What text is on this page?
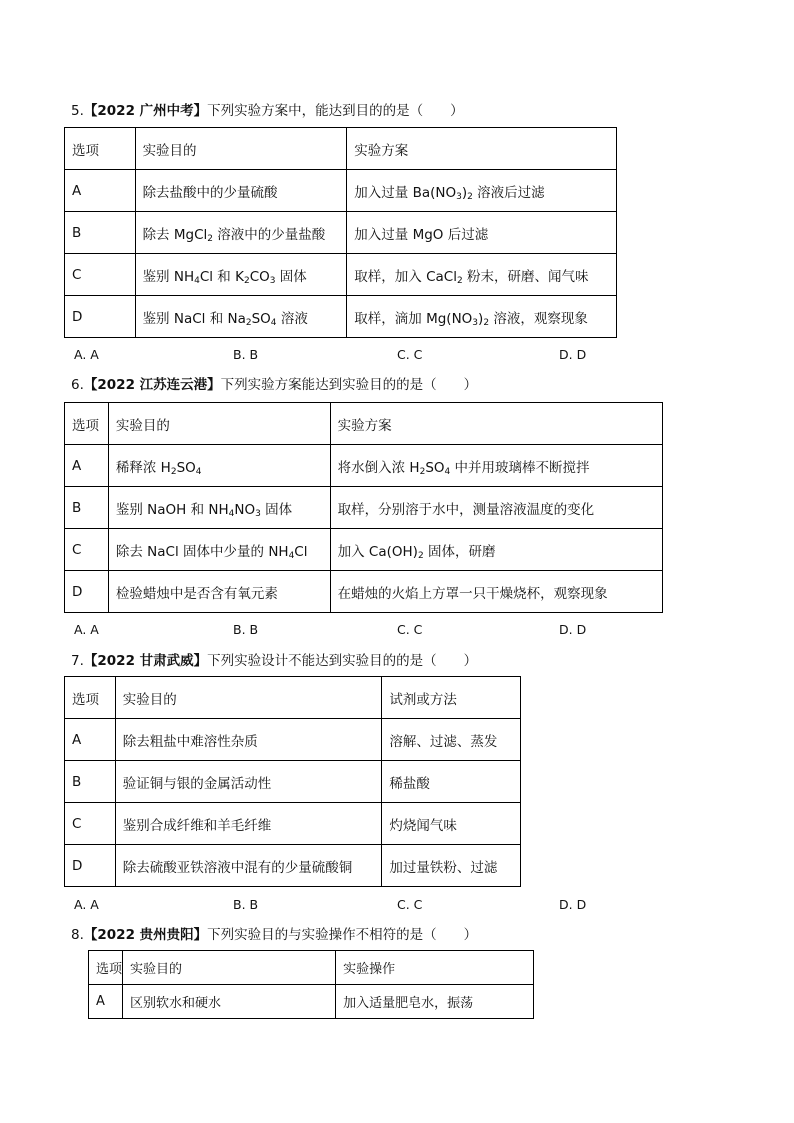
5.【2022 广州中考】下列实验方案中，能达到目的的是（　　）
选项	实验目的	实验方案
A	除去盐酸中的少量硫酸	加入过量 $Ba(NO_3)_2$ 溶液后过滤
B	除去 MgCl$_2$ 溶液中的少量盐酸	加入过量 MgO 后过滤
C	鉴别 $NH_4Cl$ 和 $K_2CO_3$ 固体	取样，加入 CaCl$_2$ 粉末，研磨、闻气味
D	鉴别 NaCl 和 $Na_2SO_4$ 溶液	取样，滴加 $Mg(NO_3)_2$ 溶液，观察现象
A. A	B. B	C. C	D. D
6.【2022 江苏连云港】下列实验方案能达到实验目的的是（　　）
选项	实验目的	实验方案
A	稀释浓 $H_2SO_4$	将水倒入浓 $H_2SO_4$ 中并用玻璃棒不断搅拌
B	鉴别 NaOH 和 $NH_4NO_3$ 固体	取样，分别溶于水中，测量溶液温度的变化
C	除去 NaCl 固体中少量的 $NH_4Cl$	加入 $Ca(OH)_2$ 固体，研磨
D	检验蜡烛中是否含有氧元素	在蜡烛的火焰上方罩一只干燥烧杯，观察现象
A. A	B. B	C. C	D. D
7.【2022 甘肃武威】下列实验设计不能达到实验目的的是（　　）
选项	实验目的	试剂或方法
A	除去粗盐中难溶性杂质	溶解、过滤、蒸发
B	验证铜与银的金属活动性	稀盐酸
C	鉴别合成纤维和羊毛纤维	灼烧闻气味
D	除去硫酸亚铁溶液中混有的少量硫酸铜	加过量铁粉、过滤
A. A	B. B	C. C	D. D
8.【2022 贵州贵阳】下列实验目的与实验操作不相符的是（　　）
选项	实验目的	实验操作
A	区别软水和硬水	加入适量肥皂水，振荡
